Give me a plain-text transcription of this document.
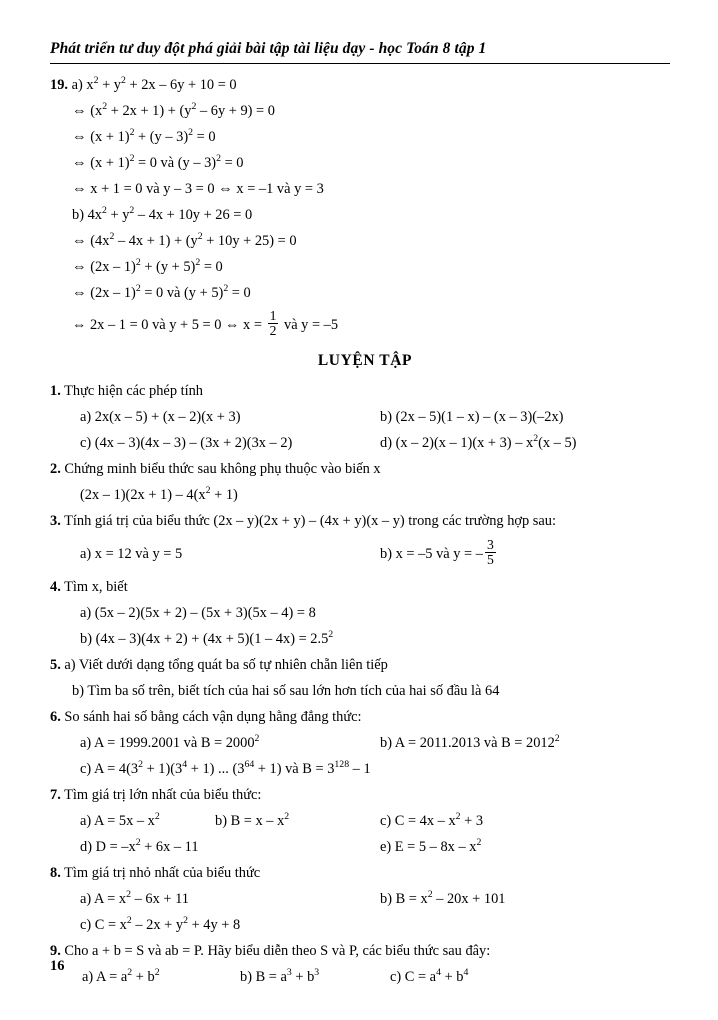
Phát triển tư duy đột phá giải bài tập tài liệu dạy - học Toán 8 tập 1
19. a) $x^2 + y^2 + 2x - 6y + 10 = 0$
⇔ $(x^2 + 2x + 1) + (y^2 - 6y + 9) = 0$
⇔ $(x + 1)^2 + (y - 3)^2 = 0$
⇔ $(x + 1)^2 = 0$ và (y – 3)$^2$ = 0
⇔ x + 1 = 0 và y – 3 = 0 ⇔ x = –1 và y = 3
b) $4x^2 + y^2 - 4x + 10y + 26 = 0$
⇔ $(4x^2 - 4x + 1) + (y^2 + 10y + 25) = 0$
⇔ $(2x - 1)^2 + (y + 5)^2 = 0$
⇔ (2x – 1)$^2$ = 0 và $(y + 5)^2 = 0$
⇔ 2x – 1 = 0 và y + 5 = 0 ⇔ $x = \frac{1}{2}$ và y = –5
LUYỆN TẬP
1. Thực hiện các phép tính
a) 2x(x – 5) + (x – 2)(x + 3)	b) (2x – 5)(1 – x) – (x – 3)(–2x)
c) (4x – 3)(4x – 3) – (3x + 2)(3x – 2)	d) $(x - 2)(x - 1)(x + 3) - x^2(x - 5)$
2. Chứng minh biểu thức sau không phụ thuộc vào biến x
$(2x - 1)(2x + 1) - 4(x^2 + 1)$
3. Tính giá trị của biểu thức (2x – y)(2x + y) – (4x + y)(x – y) trong các trường hợp sau:
a) x = 12 và y = 5	b) x = –5 và y = – $\frac{3}{5}$
4. Tìm x, biết
a) (5x – 2)(5x + 2) – (5x + 3)(5x – 4) = 8
b) $(4x - 3)(4x + 2) + (4x + 5)(1 - 4x) = 2.5^2$
5. a) Viết dưới dạng tổng quát ba số tự nhiên chẵn liên tiếp
b) Tìm ba số trên, biết tích của hai số sau lớn hơn tích của hai số đầu là 64
6. So sánh hai số bằng cách vận dụng hằng đẳng thức:
a) A = 1999.2001 và $B = 2000^2$	b) A = 2011.2013 và $B = 2012^2$
c) $A = 4(3^2 + 1)(3^4 + 1)$ ... $(3^{64} + 1)$ và $B = 3^{128} - 1$
7. Tìm giá trị lớn nhất của biểu thức:
a) $A = 5x - x^2$	b) $B = x - x^2$	c) $C = 4x - x^2 + 3$
d) $D = -x^2 + 6x - 11$	e) $E = 5 - 8x - x^2$
8. Tìm giá trị nhỏ nhất của biểu thức
a) $A = x^2 - 6x + 11$	b) $B = x^2 - 20x + 101$
c) $C = x^2 - 2x + y^2 + 4y + 8$
9. Cho a + b = S và ab = P. Hãy biểu diễn theo S và P, các biểu thức sau đây:
a) $A = a^2 + b^2$	b) $B = a^3 + b^3$	c) $C = a^4 + b^4$
16
